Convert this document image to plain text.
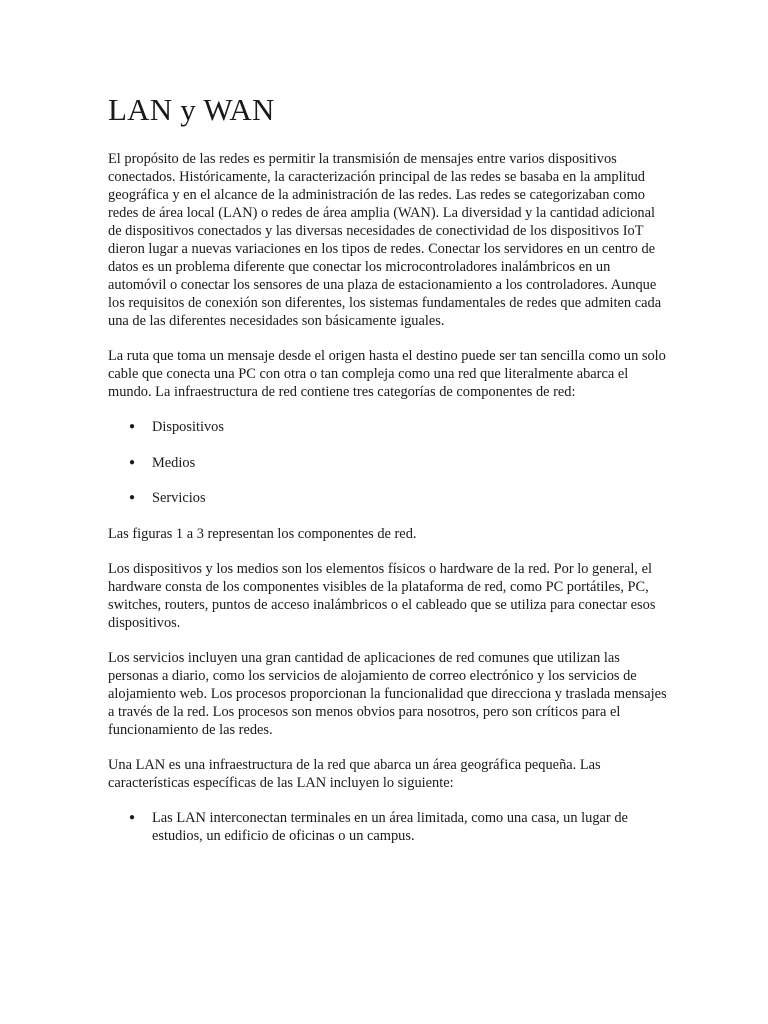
LAN y WAN

El propósito de las redes es permitir la transmisión de mensajes entre varios dispositivos conectados. Históricamente, la caracterización principal de las redes se basaba en la amplitud geográfica y en el alcance de la administración de las redes. Las redes se categorizaban como redes de área local (LAN) o redes de área amplia (WAN). La diversidad y la cantidad adicional de dispositivos conectados y las diversas necesidades de conectividad de los dispositivos IoT dieron lugar a nuevas variaciones en los tipos de redes. Conectar los servidores en un centro de datos es un problema diferente que conectar los microcontroladores inalámbricos en un automóvil o conectar los sensores de una plaza de estacionamiento a los controladores. Aunque los requisitos de conexión son diferentes, los sistemas fundamentales de redes que admiten cada una de las diferentes necesidades son básicamente iguales.

La ruta que toma un mensaje desde el origen hasta el destino puede ser tan sencilla como un solo cable que conecta una PC con otra o tan compleja como una red que literalmente abarca el mundo. La infraestructura de red contiene tres categorías de componentes de red:

● Dispositivos
● Medios
● Servicios

Las figuras 1 a 3 representan los componentes de red.

Los dispositivos y los medios son los elementos físicos o hardware de la red. Por lo general, el hardware consta de los componentes visibles de la plataforma de red, como PC portátiles, PC, switches, routers, puntos de acceso inalámbricos o el cableado que se utiliza para conectar esos dispositivos.

Los servicios incluyen una gran cantidad de aplicaciones de red comunes que utilizan las personas a diario, como los servicios de alojamiento de correo electrónico y los servicios de alojamiento web. Los procesos proporcionan la funcionalidad que direcciona y traslada mensajes a través de la red. Los procesos son menos obvios para nosotros, pero son críticos para el funcionamiento de las redes.

Una LAN es una infraestructura de la red que abarca un área geográfica pequeña. Las características específicas de las LAN incluyen lo siguiente:

● Las LAN interconectan terminales en un área limitada, como una casa, un lugar de estudios, un edificio de oficinas o un campus.
